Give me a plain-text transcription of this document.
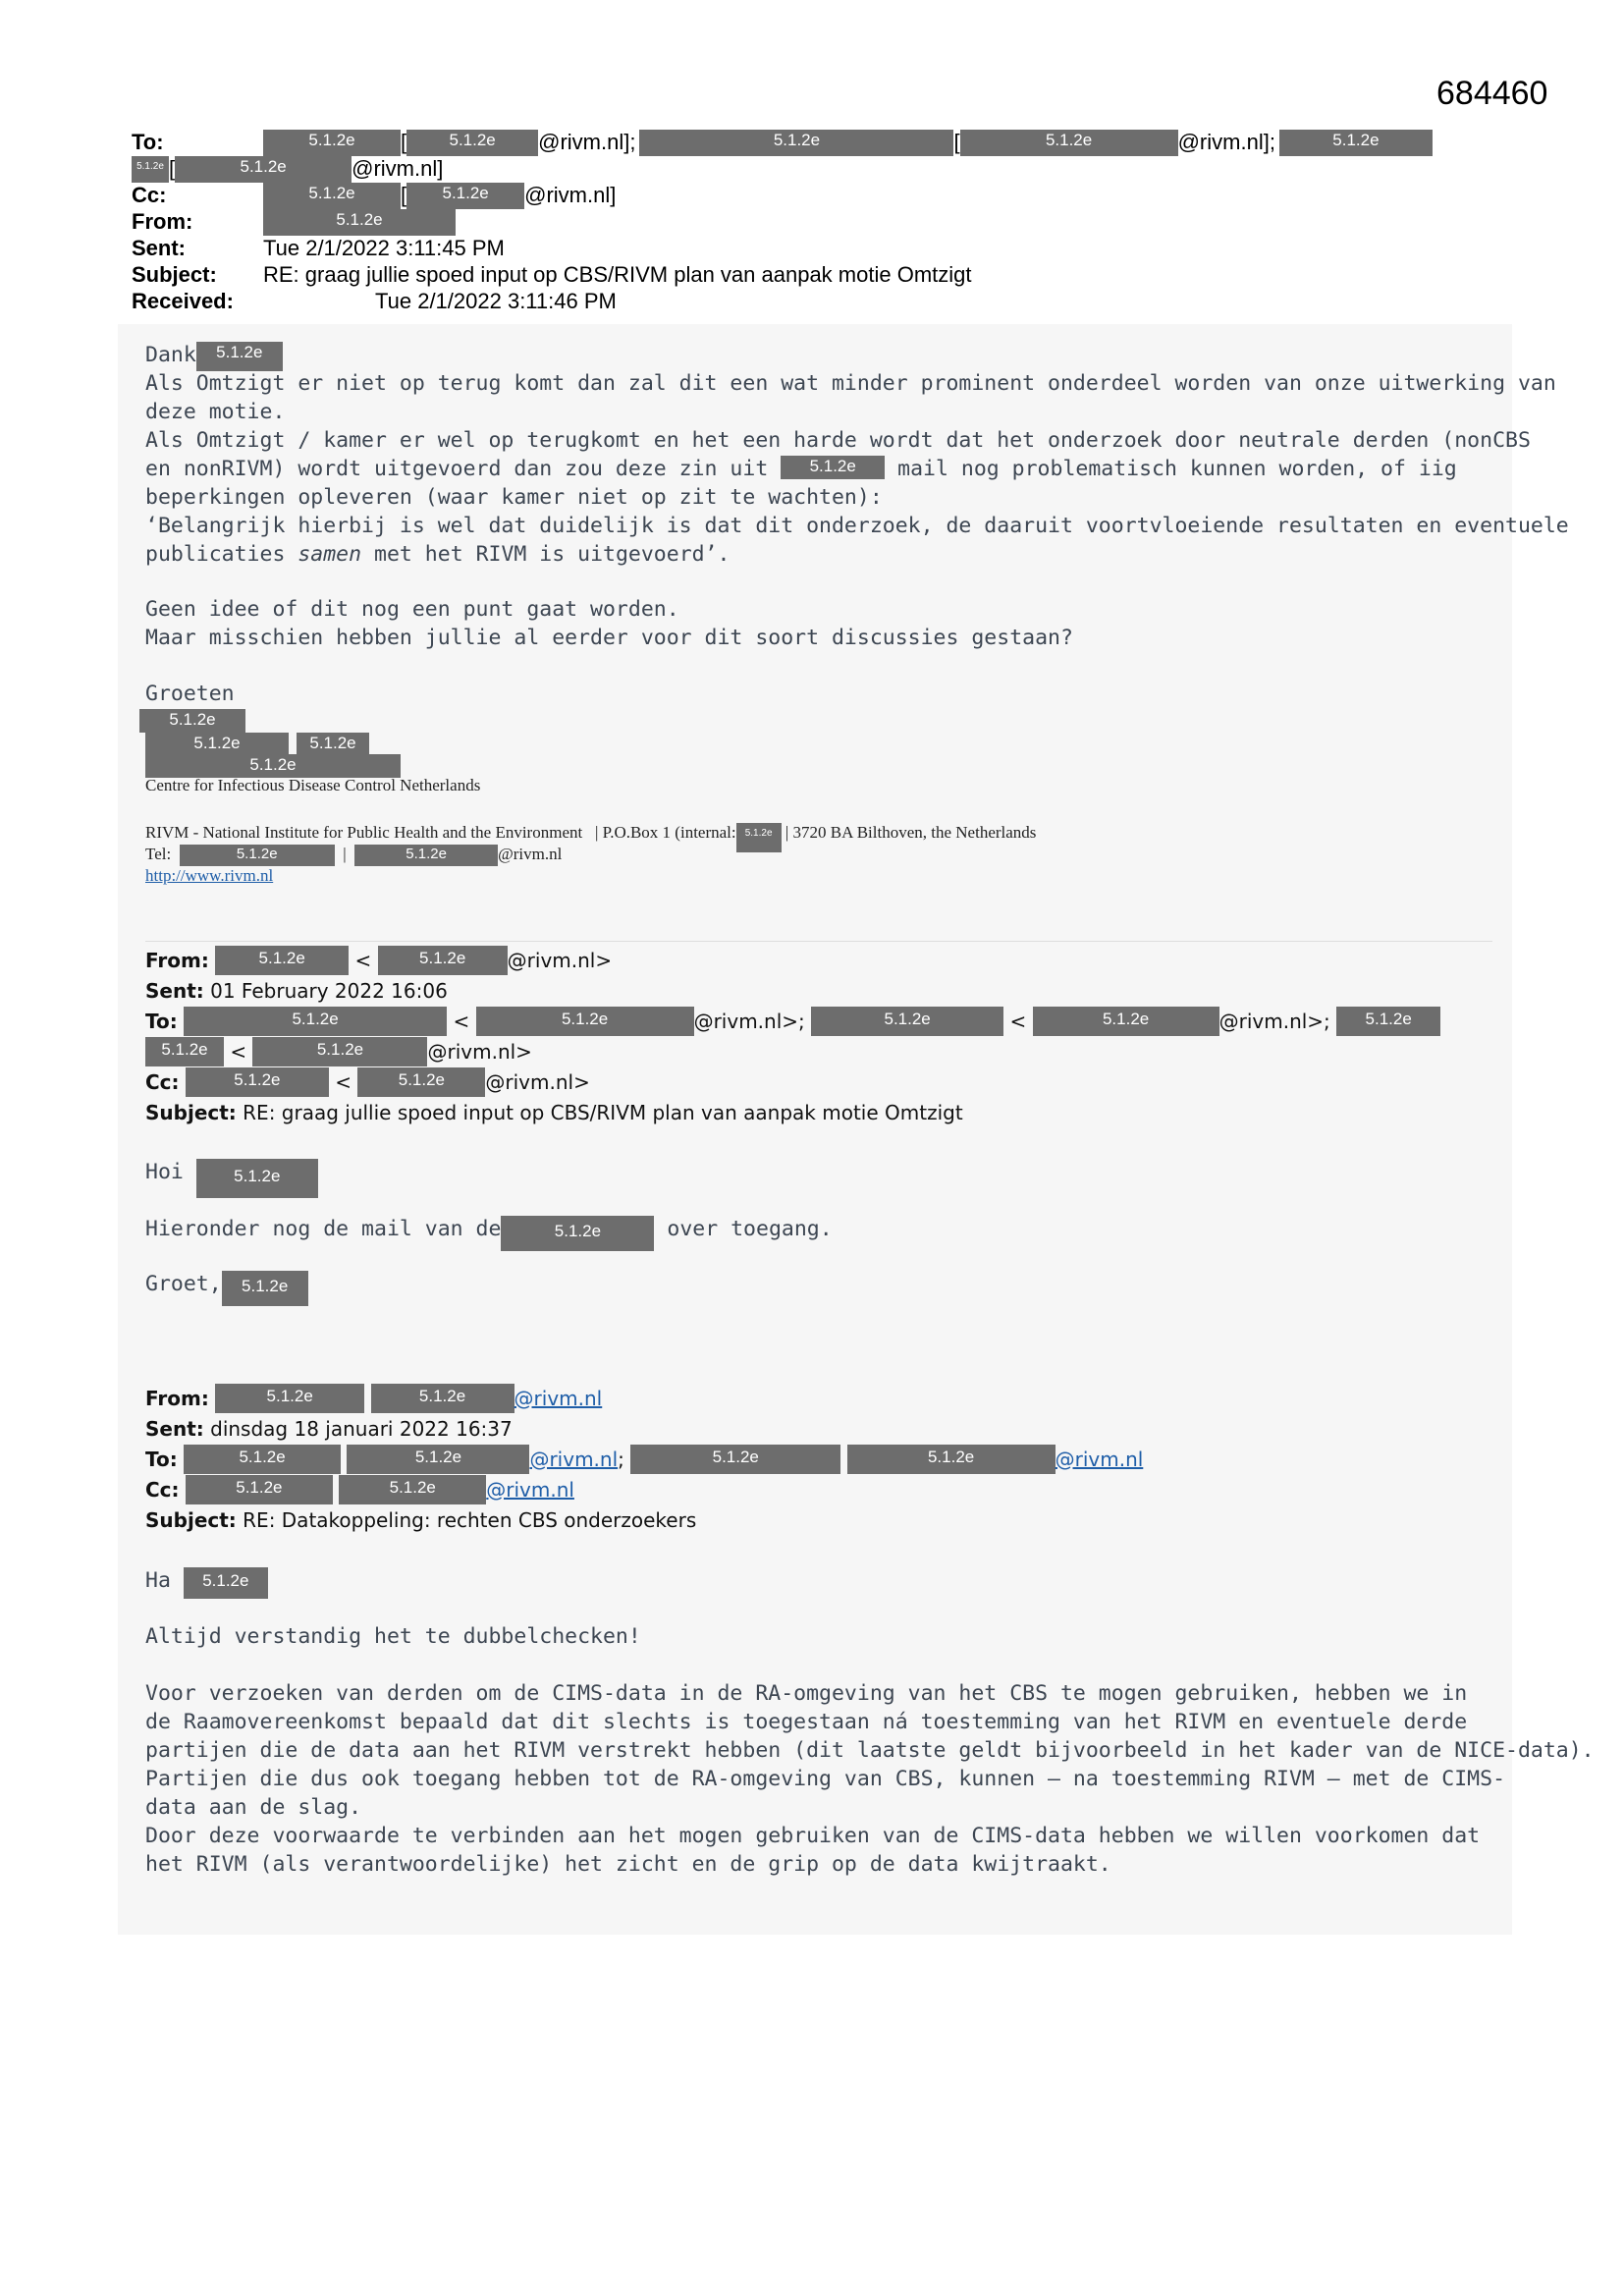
684460
To:	5.1.2e [	5.1.2e @rivm.nl];	5.1.2e	[	5.1.2e	@rivm.nl];	5.1.2e
5.1.2e [	5.1.2e	@rivm.nl]
Cc:	5.1.2e [ 5.1.2e @rivm.nl]
From:	5.1.2e
Sent:	Tue 2/1/2022 3:11:45 PM
Subject: RE: graag jullie spoed input op CBS/RIVM plan van aanpak motie Omtzigt
Received:	Tue 2/1/2022 3:11:46 PM
Dank 5.1.2e
Als Omtzigt er niet op terug komt dan zal dit een wat minder prominent onderdeel worden van onze uitwerking van
deze motie.
Als Omtzigt / kamer er wel op terugkomt en het een harde wordt dat het onderzoek door neutrale derden (nonCBS
en nonRIVM) wordt uitgevoerd dan zou deze zin uit 5.1.2e mail nog problematisch kunnen worden, of iig
beperkingen opleveren (waar kamer niet op zit te wachten):
‘Belangrijk hierbij is wel dat duidelijk is dat dit onderzoek, de daaruit voortvloeiende resultaten en eventuele
publicaties samen met het RIVM is uitgevoerd’.
Geen idee of dit nog een punt gaat worden.
Maar misschien hebben jullie al eerder voor dit soort discussies gestaan?
Groeten
5.1.2e
5.1.2e	5.1.2e
5.1.2e
Centre for Infectious Disease Control Netherlands
RIVM - National Institute for Public Health and the Environment | P.O.Box 1 (internal: 5.1.2e | 3720 BA Bilthoven, the Netherlands
Tel:	5.1.2e	|	5.1.2e	@rivm.nl
http://www.rivm.nl
From:	5.1.2e < 5.1.2e @rivm.nl>
Sent: 01 February 2022 16:06
To:	5.1.2e	<	5.1.2e	@rivm.nl>;	5.1.2e	<	5.1.2e	@rivm.nl>; 5.1.2e
5.1.2e <	5.1.2e	@rivm.nl>
Cc:	5.1.2e < 5.1.2e @rivm.nl>
Subject: RE: graag jullie spoed input op CBS/RIVM plan van aanpak motie Omtzigt
Hoi	5.1.2e
Hieronder nog de mail van de	5.1.2e	over toegang.
Groet, 5.1.2e
From:	5.1.2e	5.1.2e @rivm.nl
Sent: dinsdag 18 januari 2022 16:37
To:	5.1.2e	5.1.2e	@rivm.nl;	5.1.2e	5.1.2e	@rivm.nl
Cc:	5.1.2e	5.1.2e	@rivm.nl
Subject: RE: Datakoppeling: rechten CBS onderzoekers
Ha 5.1.2e
Altijd verstandig het te dubbelchecken!
Voor verzoeken van derden om de CIMS-data in de RA-omgeving van het CBS te mogen gebruiken, hebben we in
de Raamovereenkomst bepaald dat dit slechts is toegestaan ná toestemming van het RIVM en eventuele derde
partijen die de data aan het RIVM verstrekt hebben (dit laatste geldt bijvoorbeeld in het kader van de NICE-data).
Partijen die dus ook toegang hebben tot de RA-omgeving van CBS, kunnen – na toestemming RIVM – met de CIMS-
data aan de slag.
Door deze voorwaarde te verbinden aan het mogen gebruiken van de CIMS-data hebben we willen voorkomen dat
het RIVM (als verantwoordelijke) het zicht en de grip op de data kwijtraakt.
